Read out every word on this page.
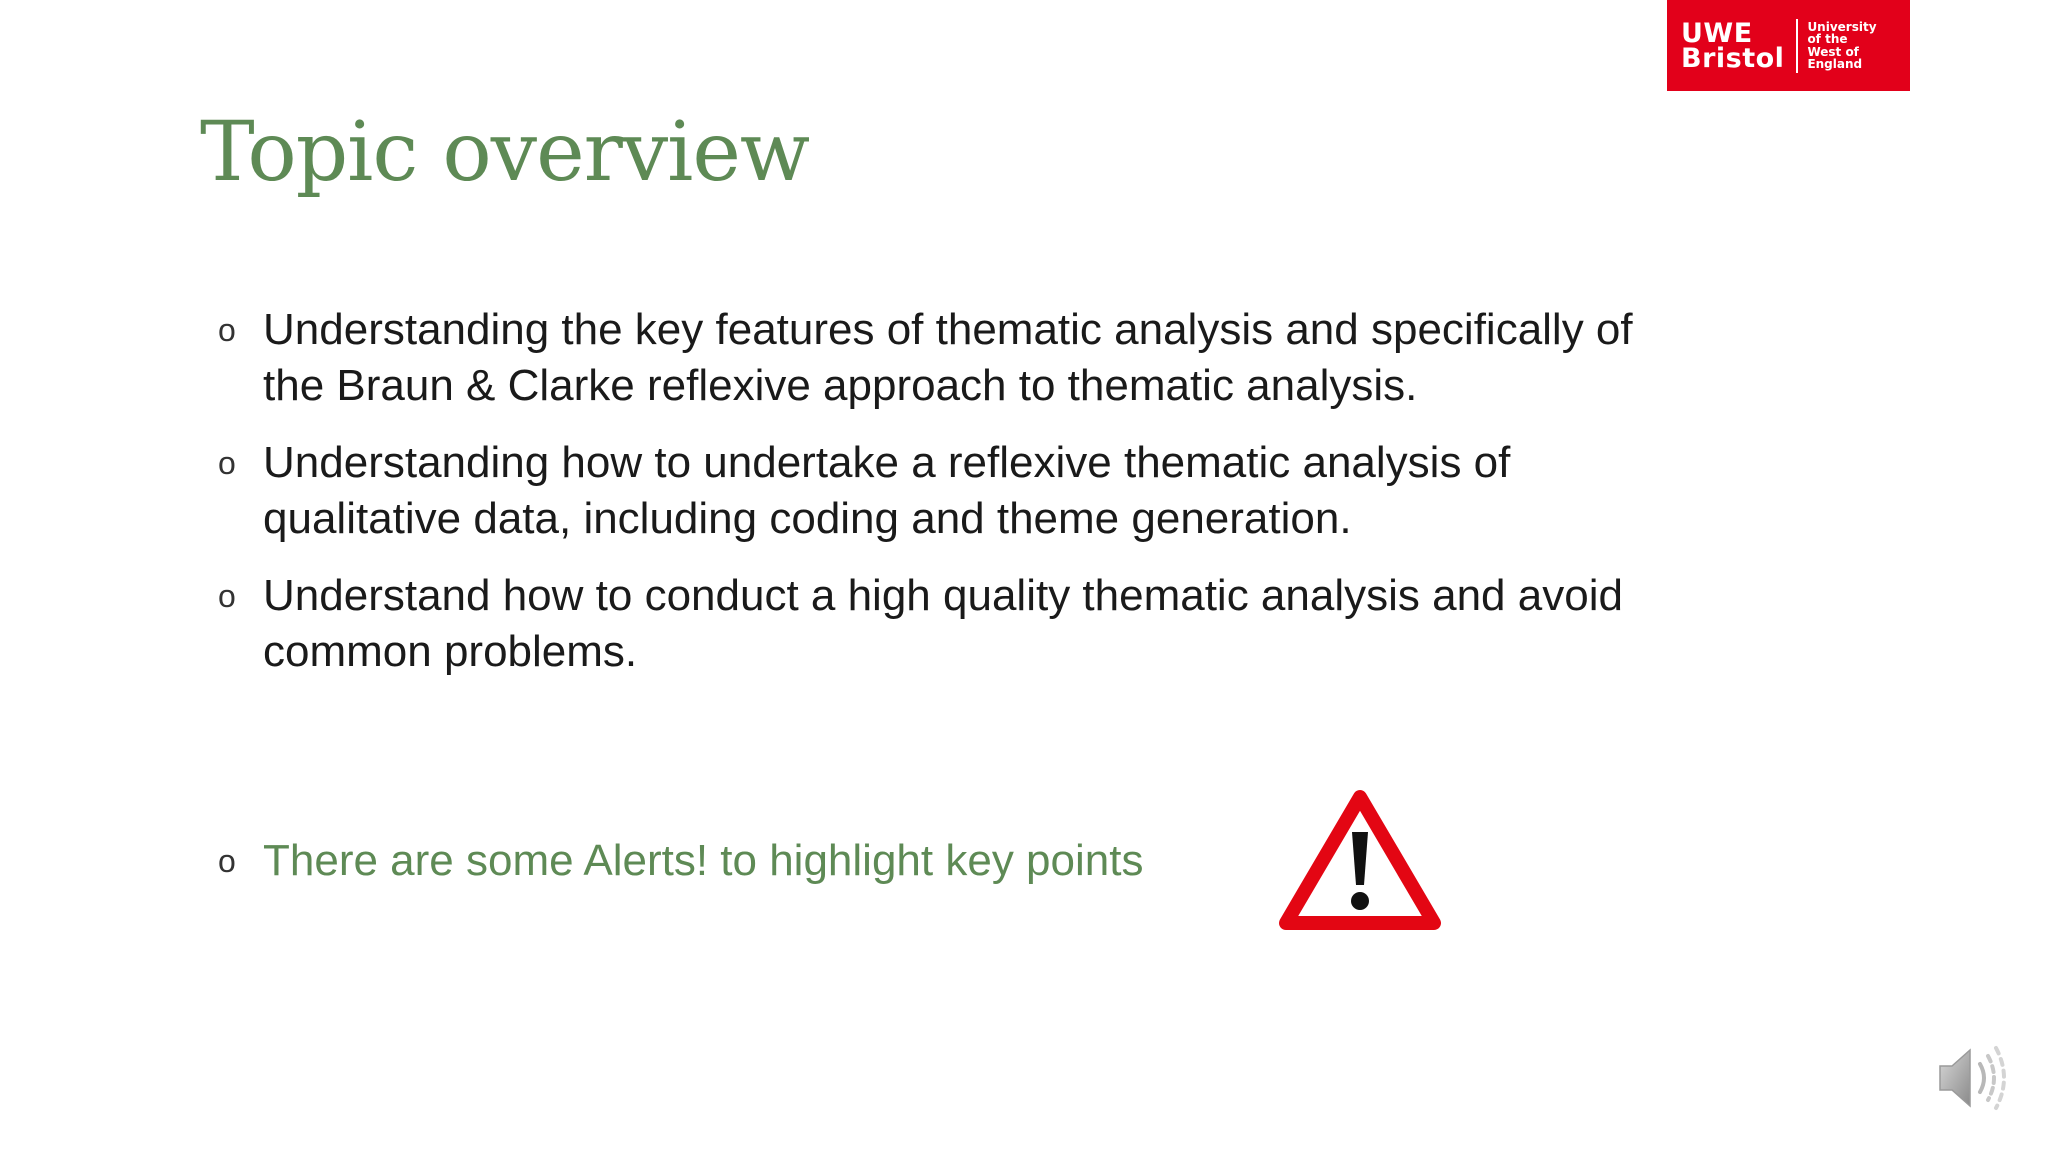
UWE
Bristol
University
of the
West of
England
Topic overview
o Understanding the key features of thematic analysis and specifically of the Braun & Clarke reflexive approach to thematic analysis.
o Understanding how to undertake a reflexive thematic analysis of qualitative data, including coding and theme generation.
o Understand how to conduct a high quality thematic analysis and avoid common problems.
o There are some Alerts! to highlight key points
